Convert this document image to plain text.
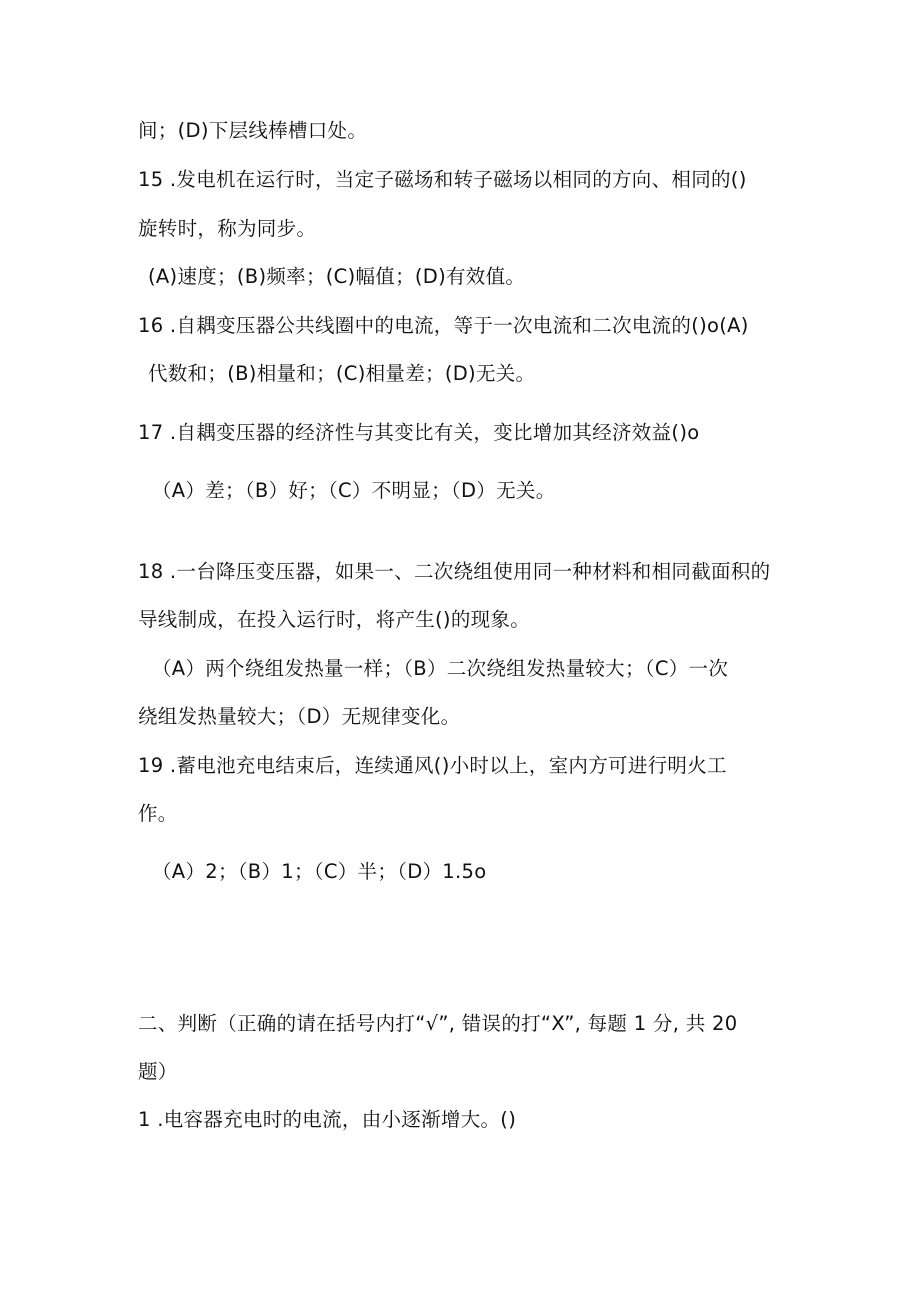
间；(D)下层线棒槽口处。
15 .发电机在运行时，当定子磁场和转子磁场以相同的方向、相同的()
旋转时，称为同步。
(A)速度；(B)频率；(C)幅值；(D)有效值。
16 .自耦变压器公共线圈中的电流，等于一次电流和二次电流的()o(A)
代数和；(B)相量和；(C)相量差；(D)无关。
17 .自耦变压器的经济性与其变比有关，变比增加其经济效益()o
（A）差；（B）好；（C）不明显；（D）无关。
18 .一台降压变压器，如果一、二次绕组使用同一种材料和相同截面积的
导线制成，在投入运行时，将产生()的现象。
（A）两个绕组发热量一样；（B）二次绕组发热量较大；（C）一次
绕组发热量较大；（D）无规律变化。
19 .蓄电池充电结束后，连续通风()小时以上，室内方可进行明火工
作。
（A）2；（B）1；（C）半；（D）1.5o
二、判断（正确的请在括号内打“√”, 错误的打“X”, 每题 1 分, 共 20
题）
1 .电容器充电时的电流，由小逐渐增大。()
